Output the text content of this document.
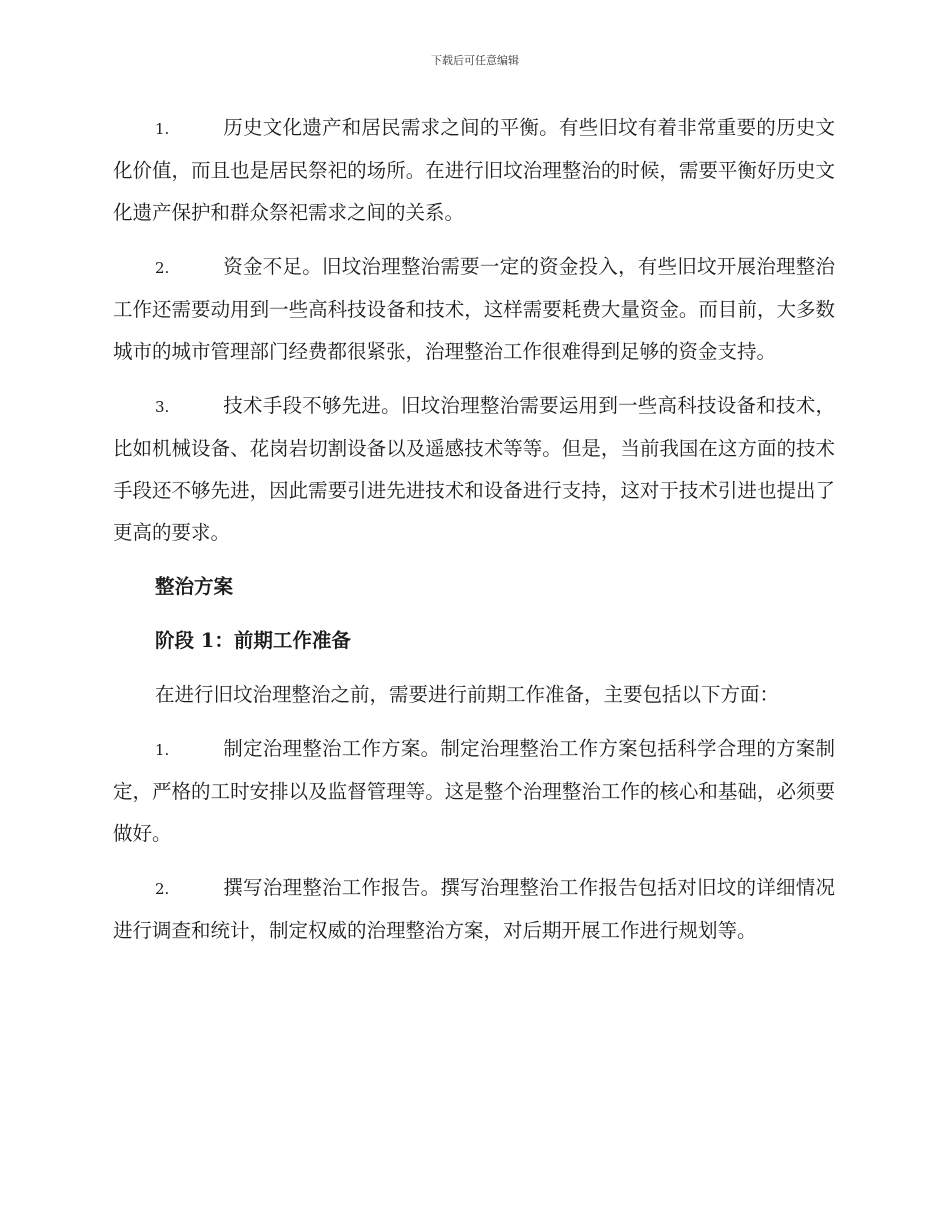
下载后可任意编辑

1.	历史文化遗产和居民需求之间的平衡。有些旧坟有着非常重要的历史文化价值，而且也是居民祭祀的场所。在进行旧坟治理整治的时候，需要平衡好历史文化遗产保护和群众祭祀需求之间的关系。

2.	资金不足。旧坟治理整治需要一定的资金投入，有些旧坟开展治理整治工作还需要动用到一些高科技设备和技术，这样需要耗费大量资金。而目前，大多数城市的城市管理部门经费都很紧张，治理整治工作很难得到足够的资金支持。

3.	技术手段不够先进。旧坟治理整治需要运用到一些高科技设备和技术，比如机械设备、花岗岩切割设备以及遥感技术等等。但是，当前我国在这方面的技术手段还不够先进，因此需要引进先进技术和设备进行支持，这对于技术引进也提出了更高的要求。

整治方案
阶段 1：前期工作准备

在进行旧坟治理整治之前，需要进行前期工作准备，主要包括以下方面：

1.	制定治理整治工作方案。制定治理整治工作方案包括科学合理的方案制定，严格的工时安排以及监督管理等。这是整个治理整治工作的核心和基础，必须要做好。

2.	撰写治理整治工作报告。撰写治理整治工作报告包括对旧坟的详细情况进行调查和统计，制定权威的治理整治方案，对后期开展工作进行规划等。
